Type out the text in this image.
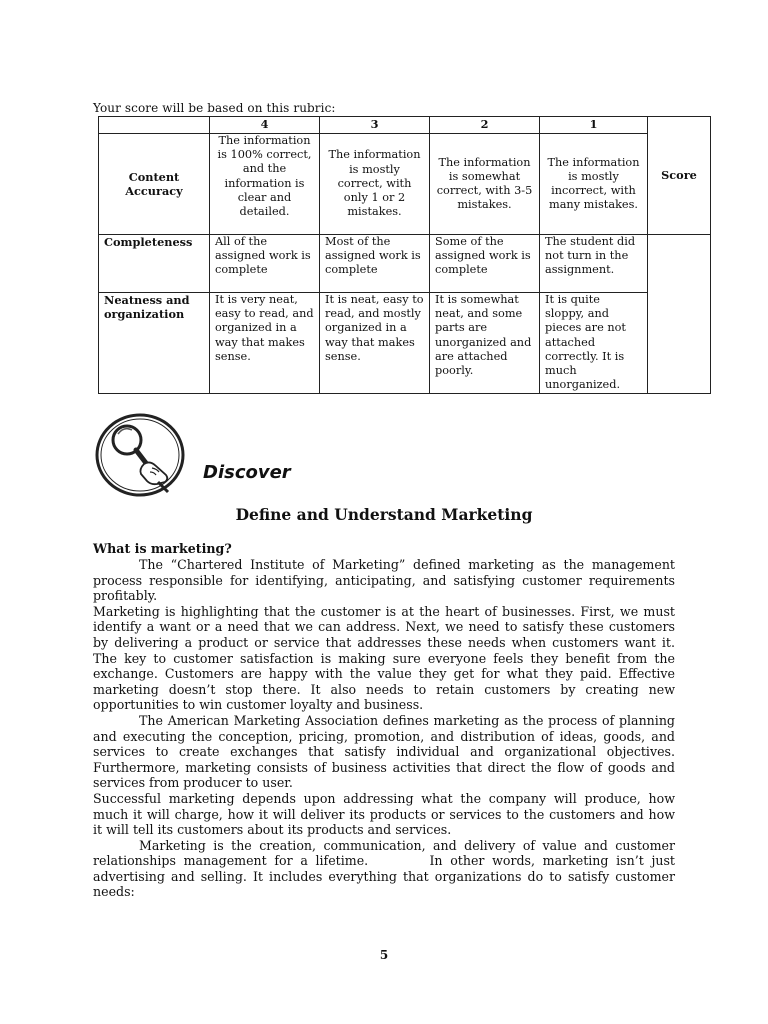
Your score will be based on this rubric:
	4	3	2	1	Score
Content Accuracy	The information is 100% correct, and the information is clear and detailed.	The information is mostly correct, with only 1 or 2 mistakes.	The information is somewhat correct, with 3-5 mistakes.	The information is mostly incorrect, with many mistakes.	
Completeness	All of the assigned work is complete	Most of the assigned work is complete	Some of the assigned work is complete	The student did not turn in the assignment.	
Neatness and organization	It is very neat, easy to read, and organized in a way that makes sense.	It is neat, easy to read, and mostly organized in a way that makes sense.	It is somewhat neat, and some parts are unorganized and are attached poorly.	It is quite sloppy, and pieces are not attached correctly. It is much unorganized.	
Discover
Define and Understand Marketing
What is marketing?

The “Chartered Institute of Marketing” defined marketing as the management process responsible for identifying, anticipating, and satisfying customer requirements profitably.

Marketing is highlighting that the customer is at the heart of businesses. First, we must identify a want or a need that we can address. Next, we need to satisfy these customers by delivering a product or service that addresses these needs when customers want it. The key to customer satisfaction is making sure everyone feels they benefit from the exchange. Customers are happy with the value they get for what they paid. Effective marketing doesn’t stop there. It also needs to retain customers by creating new opportunities to win customer loyalty and business.

The American Marketing Association defines marketing as the process of planning and executing the conception, pricing, promotion, and distribution of ideas, goods, and services to create exchanges that satisfy individual and organizational objectives. Furthermore, marketing consists of business activities that direct the flow of goods and services from producer to user.

Successful marketing depends upon addressing what the company will produce, how much it will charge, how it will deliver its products or services to the customers and how it will tell its customers about its products and services.

Marketing is the creation, communication, and delivery of value and customer relationships management for a lifetime.        In other words, marketing isn’t just advertising and selling. It includes everything that organizations do to satisfy customer needs:

5
